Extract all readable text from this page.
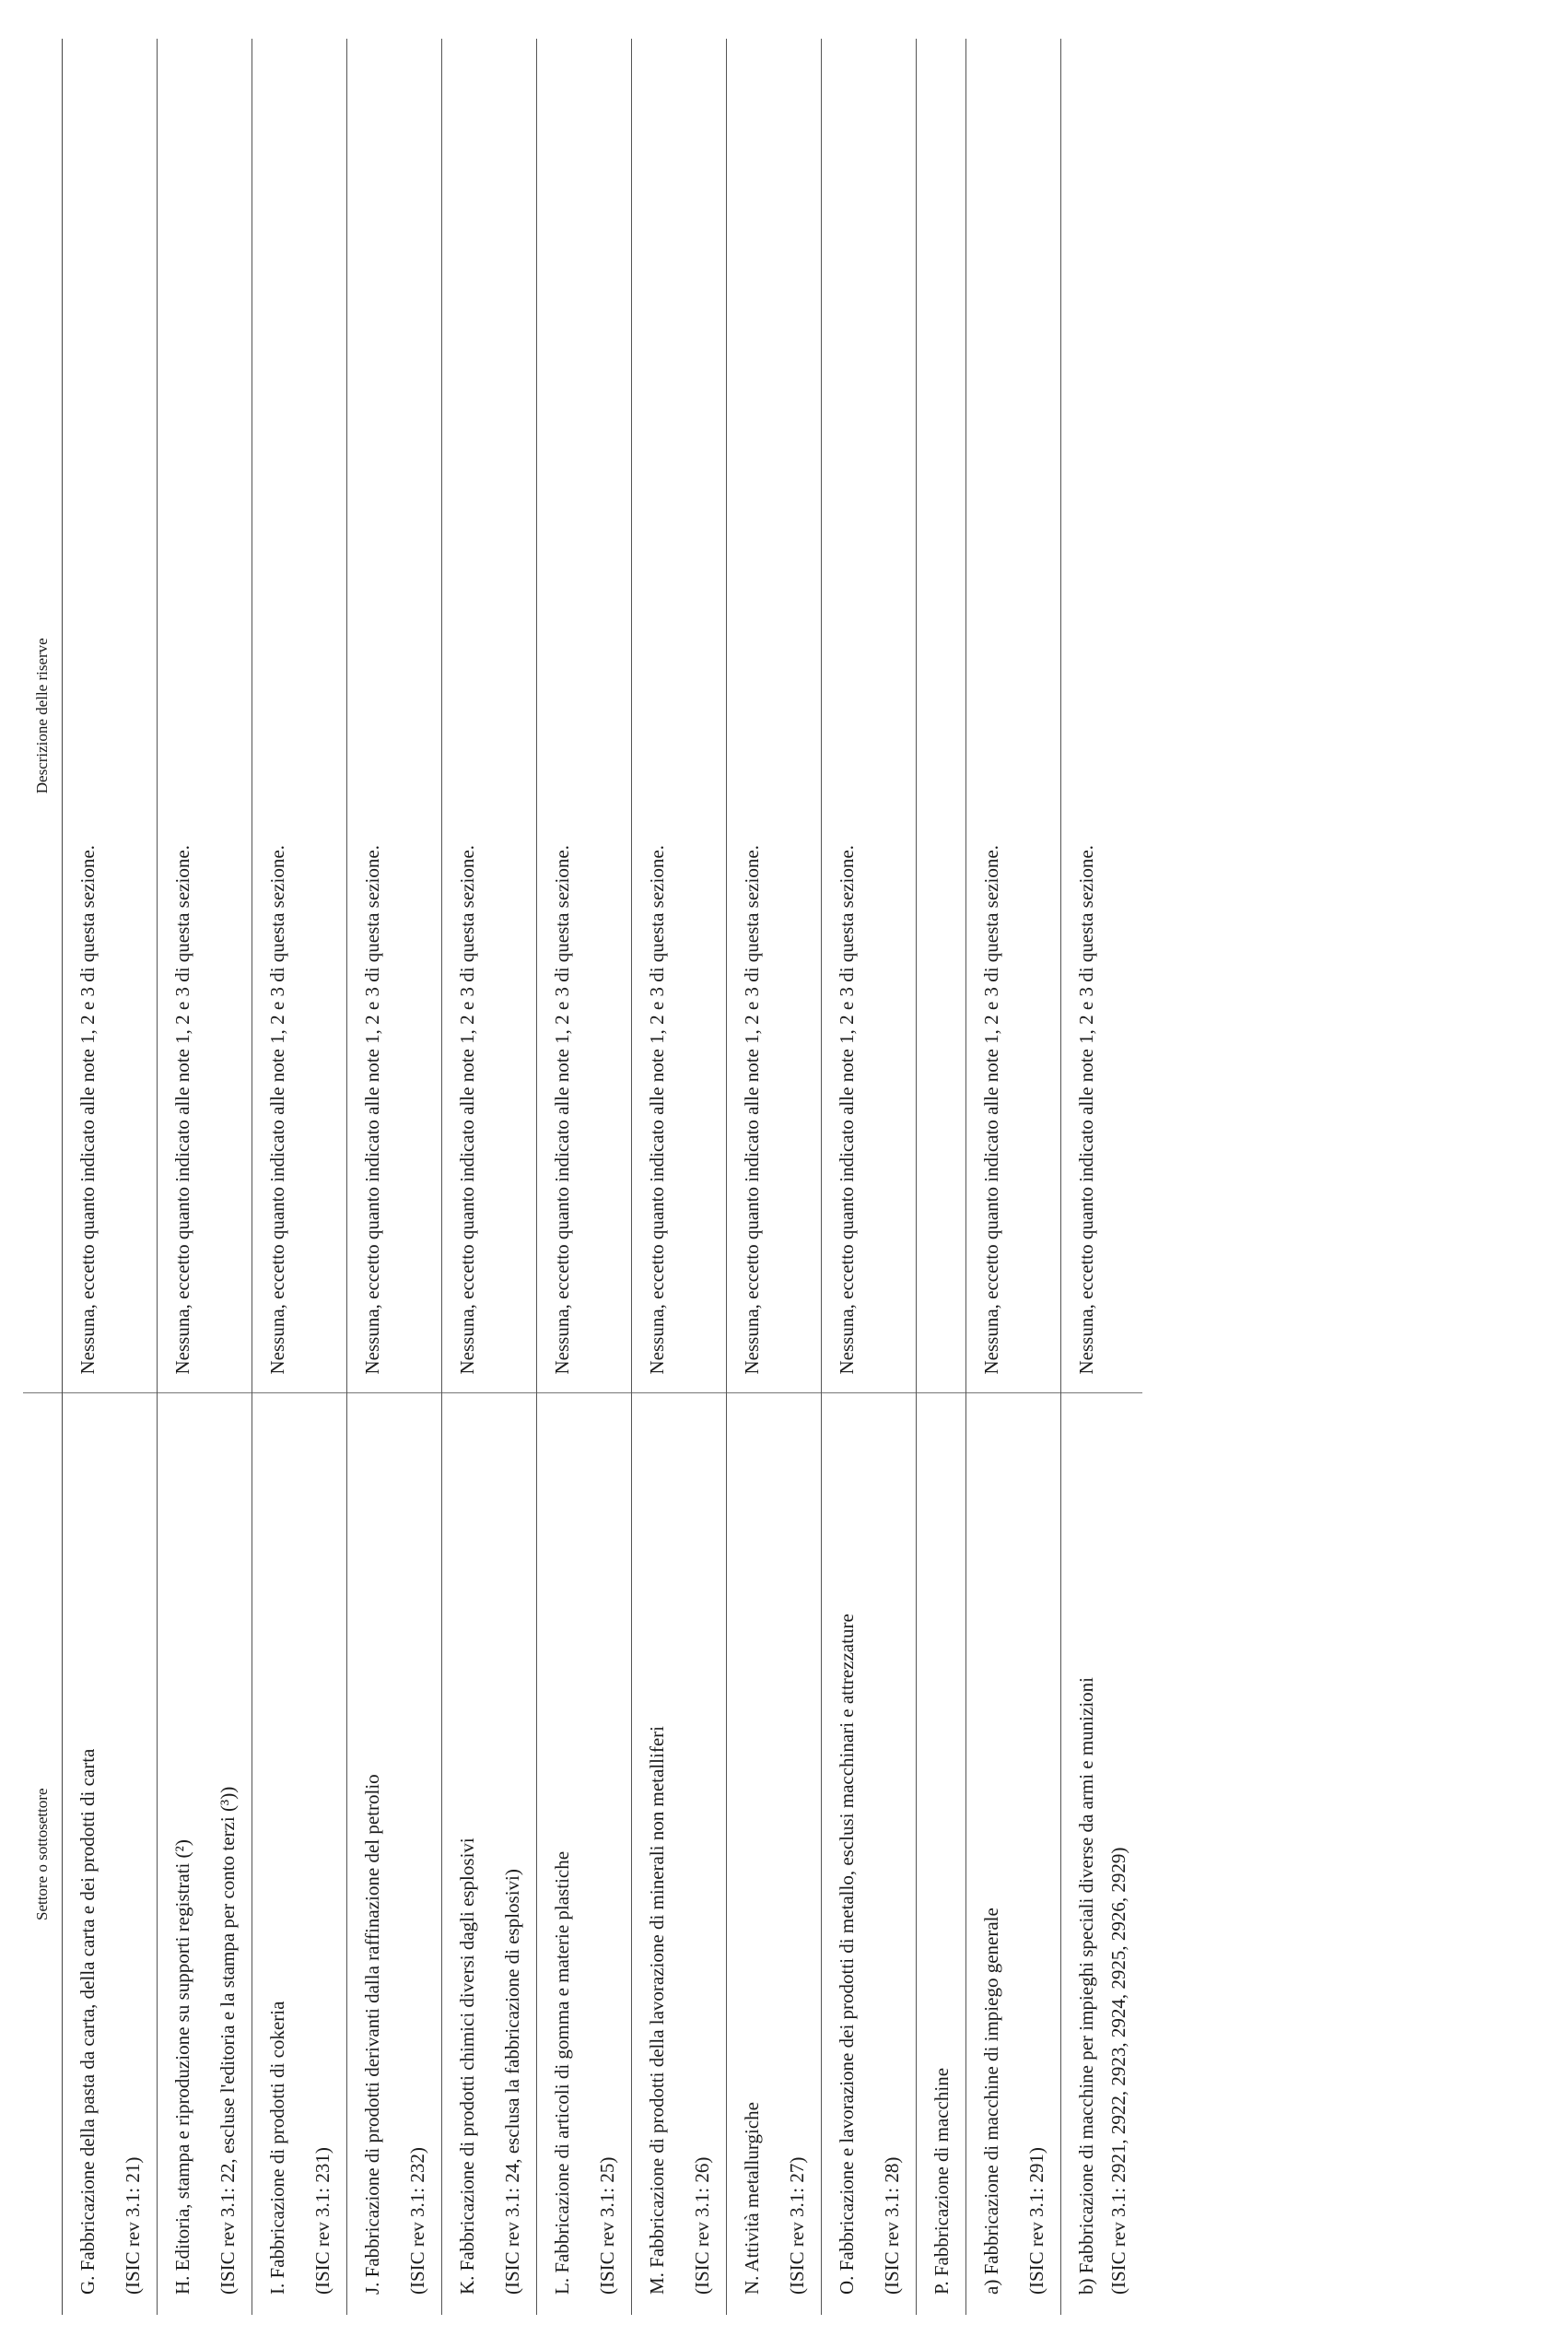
Settore o sottosettore	Descrizione delle riserve

G. Fabbricazione della pasta da carta, della carta e dei prodotti di carta (ISIC rev 3.1: 21)	Nessuna, eccetto quanto indicato alle note 1, 2 e 3 di questa sezione.

H. Editoria, stampa e riproduzione su supporti registrati (²) (ISIC rev 3.1: 22, escluse l'editoria e la stampa per conto terzi (³))	Nessuna, eccetto quanto indicato alle note 1, 2 e 3 di questa sezione.

I. Fabbricazione di prodotti di cokeria (ISIC rev 3.1: 231)	Nessuna, eccetto quanto indicato alle note 1, 2 e 3 di questa sezione.

J. Fabbricazione di prodotti derivanti dalla raffinazione del petrolio (ISIC rev 3.1: 232)	Nessuna, eccetto quanto indicato alle note 1, 2 e 3 di questa sezione.

K. Fabbricazione di prodotti chimici diversi dagli esplosivi (ISIC rev 3.1: 24, esclusa la fabbricazione di esplosivi)	Nessuna, eccetto quanto indicato alle note 1, 2 e 3 di questa sezione.

L. Fabbricazione di articoli di gomma e materie plastiche (ISIC rev 3.1: 25)	Nessuna, eccetto quanto indicato alle note 1, 2 e 3 di questa sezione.

M. Fabbricazione di prodotti della lavorazione di minerali non metalliferi (ISIC rev 3.1: 26)	Nessuna, eccetto quanto indicato alle note 1, 2 e 3 di questa sezione.

N. Attività metallurgiche (ISIC rev 3.1: 27)	Nessuna, eccetto quanto indicato alle note 1, 2 e 3 di questa sezione.

O. Fabbricazione e lavorazione dei prodotti di metallo, esclusi macchinari e attrezzature (ISIC rev 3.1: 28)	Nessuna, eccetto quanto indicato alle note 1, 2 e 3 di questa sezione.

P. Fabbricazione di macchine	

a) Fabbricazione di macchine di impiego generale (ISIC rev 3.1: 291)	Nessuna, eccetto quanto indicato alle note 1, 2 e 3 di questa sezione.

b) Fabbricazione di macchine per impieghi speciali diverse da armi e munizioni (ISIC rev 3.1: 2921, 2922, 2923, 2924, 2925, 2926, 2929)	Nessuna, eccetto quanto indicato alle note 1, 2 e 3 di questa sezione.
